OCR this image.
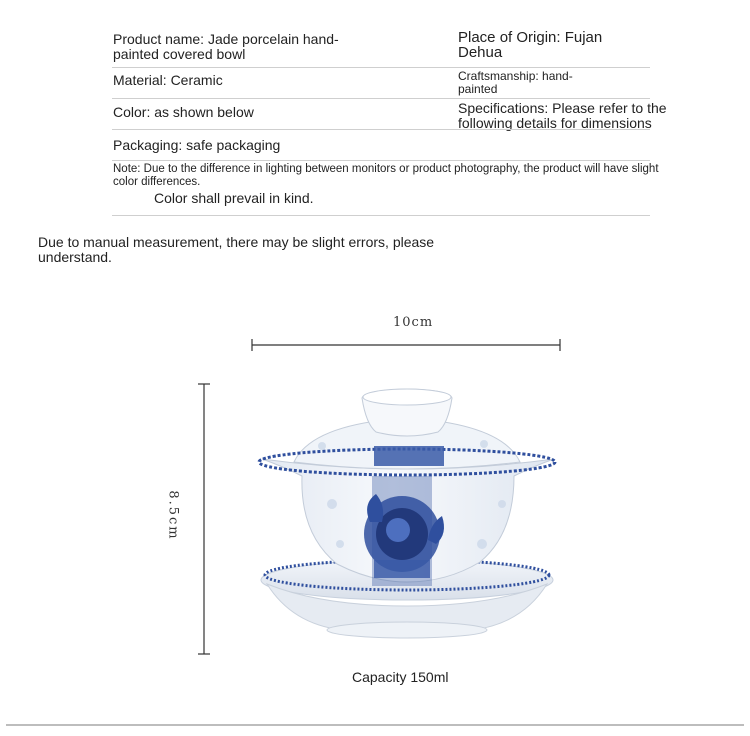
Product name: Jade porcelain hand-painted covered bowl
Place of Origin: Fujan Dehua
Material: Ceramic	Craftsmanship: hand-painted
Color: as shown below	Specifications: Please refer to the following details for dimensions
Packaging: safe packaging
Note: Due to the difference in lighting between monitors or product photography, the product will have slight color differences.
Color shall prevail in kind.
Due to manual measurement, there may be slight errors, please understand.
10cm
8.5cm
Capacity 150ml
